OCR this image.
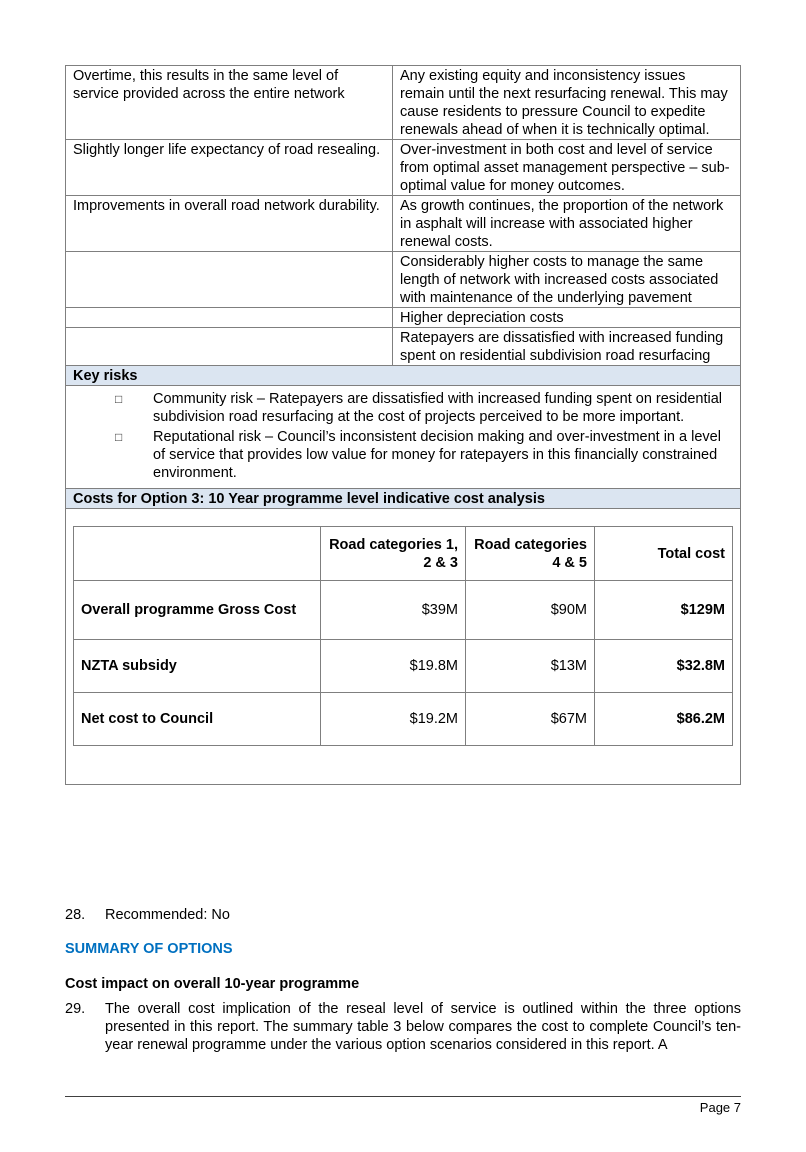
Overtime, this results in the same level of service provided across the entire network	Any existing equity and inconsistency issues remain until the next resurfacing renewal. This may cause residents to pressure Council to expedite renewals ahead of when it is technically optimal.
Slightly longer life expectancy of road resealing.	Over-investment in both cost and level of service from optimal asset management perspective – sub-optimal value for money outcomes.
Improvements in overall road network durability.	As growth continues, the proportion of the network in asphalt will increase with associated higher renewal costs.
	Considerably higher costs to manage the same length of network with increased costs associated with maintenance of the underlying pavement
	Higher depreciation costs
	Ratepayers are dissatisfied with increased funding spent on residential subdivision road resurfacing
Key risks

□	Community risk – Ratepayers are dissatisfied with increased funding spent on residential subdivision road resurfacing at the cost of projects perceived to be more important.
□	Reputational risk – Council’s inconsistent decision making and over-investment in a level of service that provides low value for money for ratepayers in this financially constrained environment.

Costs for Option 3: 10 Year programme level indicative cost analysis

	Road categories 1, 2 & 3	Road categories 4 & 5	Total cost
Overall programme Gross Cost	$39M	$90M	$129M
NZTA subsidy	$19.8M	$13M	$32.8M
Net cost to Council	$19.2M	$67M	$86.2M
28. Recommended: No
SUMMARY OF OPTIONS
Cost impact on overall 10-year programme
29.	The overall cost implication of the reseal level of service is outlined within the three options presented in this report. The summary table 3 below compares the cost to complete Council’s ten-year renewal programme under the various option scenarios considered in this report. A
Page 7
